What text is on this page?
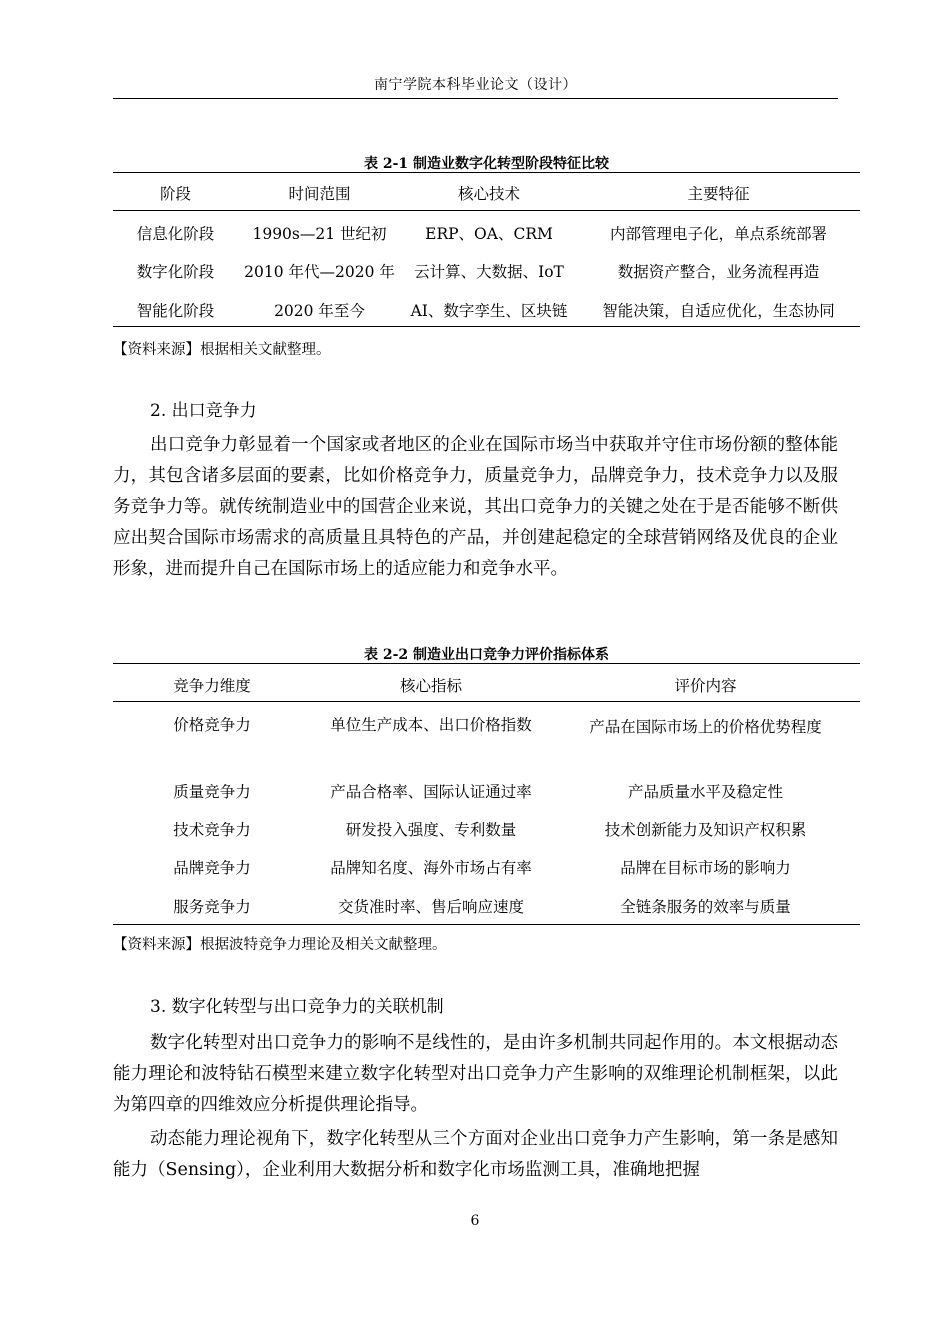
南宁学院本科毕业论文（设计）
表 2-1 制造业数字化转型阶段特征比较
阶段	时间范围	核心技术	主要特征
信息化阶段	1990s—21 世纪初	ERP、OA、CRM	内部管理电子化，单点系统部署
数字化阶段	2010 年代—2020 年	云计算、大数据、IoT	数据资产整合，业务流程再造
智能化阶段	2020 年至今	AI、数字孪生、区块链	智能决策，自适应优化，生态协同
【资料来源】根据相关文献整理。
2. 出口竞争力

出口竞争力彰显着一个国家或者地区的企业在国际市场当中获取并守住市场份额的整体能力，其包含诸多层面的要素，比如价格竞争力，质量竞争力，品牌竞争力，技术竞争力以及服务竞争力等。就传统制造业中的国营企业来说，其出口竞争力的关键之处在于是否能够不断供应出契合国际市场需求的高质量且具特色的产品，并创建起稳定的全球营销网络及优良的企业形象，进而提升自己在国际市场上的适应能力和竞争水平。

表 2-2 制造业出口竞争力评价指标体系
竞争力维度	核心指标	评价内容
价格竞争力	单位生产成本、出口价格指数	产品在国际市场上的价格优势程度
质量竞争力	产品合格率、国际认证通过率	产品质量水平及稳定性
技术竞争力	研发投入强度、专利数量	技术创新能力及知识产权积累
品牌竞争力	品牌知名度、海外市场占有率	品牌在目标市场的影响力
服务竞争力	交货准时率、售后响应速度	全链条服务的效率与质量
【资料来源】根据波特竞争力理论及相关文献整理。
3. 数字化转型与出口竞争力的关联机制

数字化转型对出口竞争力的影响不是线性的，是由许多机制共同起作用的。本文根据动态能力理论和波特钻石模型来建立数字化转型对出口竞争力产生影响的双维理论机制框架，以此为第四章的四维效应分析提供理论指导。

动态能力理论视角下，数字化转型从三个方面对企业出口竞争力产生影响，第一条是感知能力（Sensing），企业利用大数据分析和数字化市场监测工具，准确地把握

6
